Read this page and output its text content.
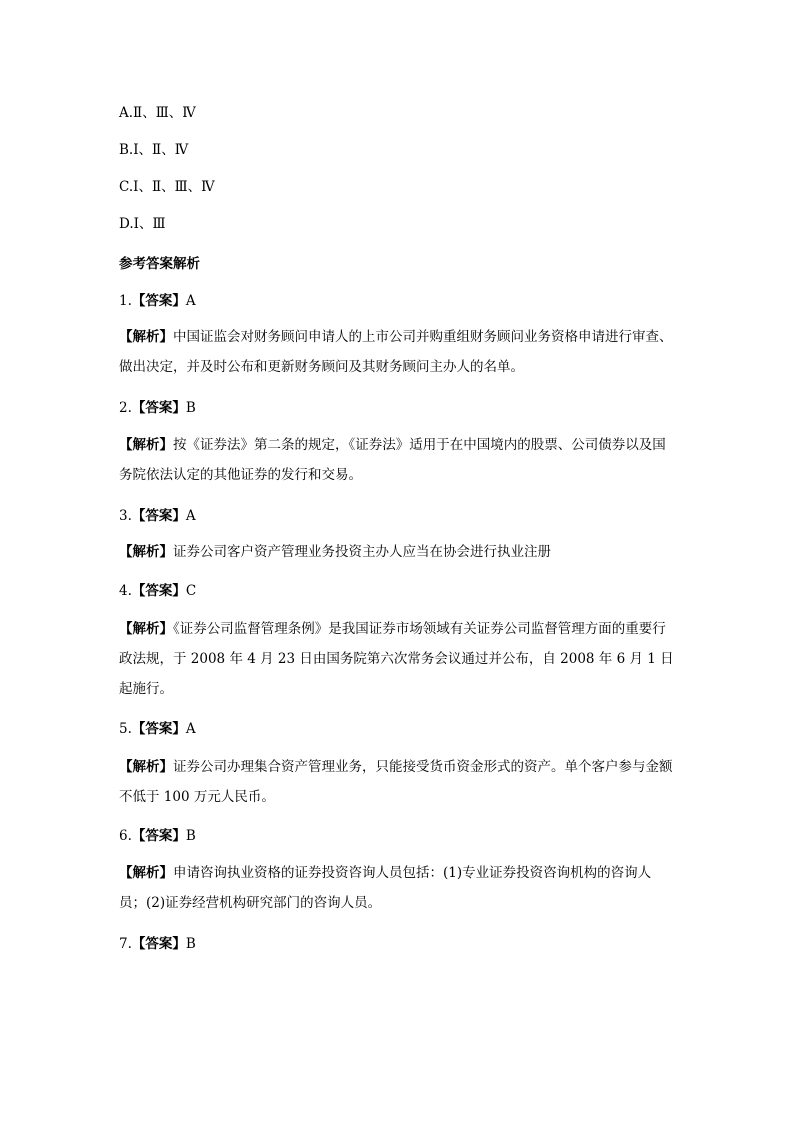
A.Ⅱ、Ⅲ、Ⅳ
B.Ⅰ、Ⅱ、Ⅳ
C.Ⅰ、Ⅱ、Ⅲ、Ⅳ
D.Ⅰ、Ⅲ
参考答案解析
1.【答案】A
【解析】中国证监会对财务顾问申请人的上市公司并购重组财务顾问业务资格申请进行审查、做出决定，并及时公布和更新财务顾问及其财务顾问主办人的名单。
2.【答案】B
【解析】按《证券法》第二条的规定，《证券法》适用于在中国境内的股票、公司债券以及国务院依法认定的其他证券的发行和交易。
3.【答案】A
【解析】证券公司客户资产管理业务投资主办人应当在协会进行执业注册
4.【答案】C
【解析】《证券公司监督管理条例》是我国证券市场领域有关证券公司监督管理方面的重要行政法规，于 2008 年 4 月 23 日由国务院第六次常务会议通过并公布，自 2008 年 6 月 1 日起施行。
5.【答案】A
【解析】证券公司办理集合资产管理业务，只能接受货币资金形式的资产。单个客户参与金额不低于 100 万元人民币。
6.【答案】B
【解析】申请咨询执业资格的证券投资咨询人员包括：(1)专业证券投资咨询机构的咨询人员；(2)证券经营机构研究部门的咨询人员。
7.【答案】B
